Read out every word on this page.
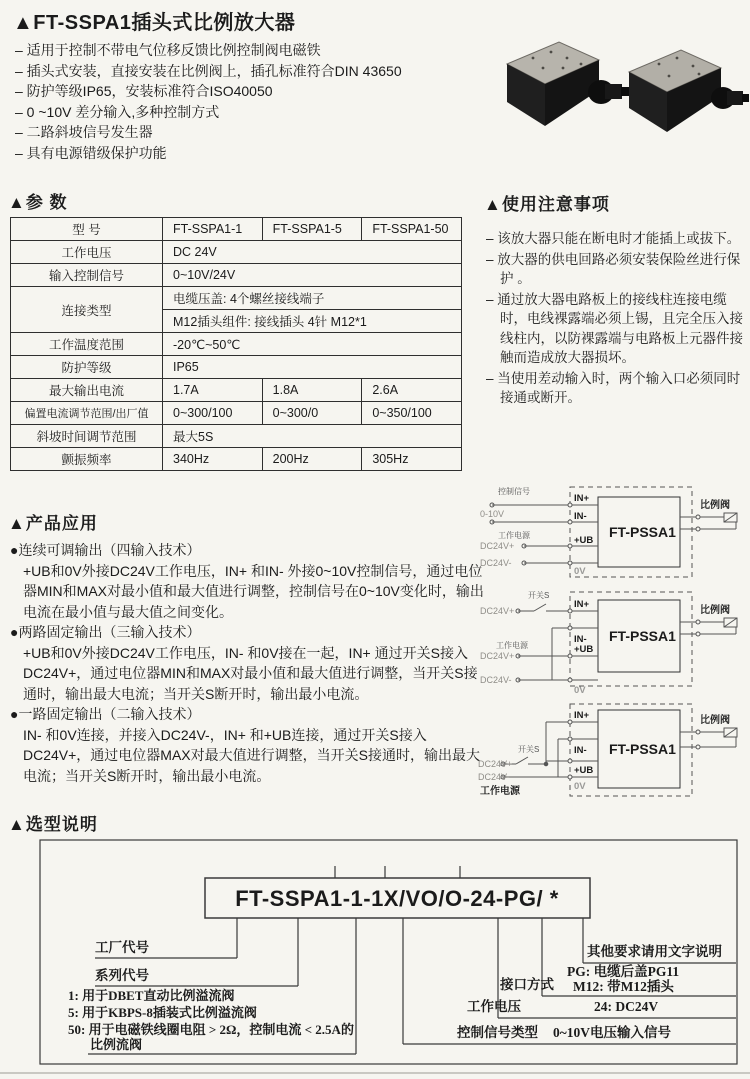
▲FT-SSPA1插头式比例放大器
– 适用于控制不带电气位移反馈比例控制阀电磁铁
– 插头式安装，直接安装在比例阀上，插孔标准符合DIN 43650
– 防护等级IP65，安装标准符合ISO40050
– 0 ~10V 差分输入,多种控制方式
– 二路斜坡信号发生器
– 具有电源错级保护功能
▲参 数
型 号	FT-SSPA1-1	FT-SSPA1-5	FT-SSPA1-50
工作电压	DC 24V		
输入控制信号	0~10V/24V		
连接类型	电缆压盖: 4个螺丝接线端子		
	M12插头组件: 接线插头 4针 M12*1		
工作温度范围	-20℃~50℃		
防护等级	IP65		
最大输出电流	1.7A	1.8A	2.6A
偏置电流调节范围/出厂值	0~300/100	0~300/0	0~350/100
斜坡时间调节范围	最大5S		
颤振频率	340Hz	200Hz	305Hz
▲使用注意事项
– 该放大器只能在断电时才能插上或拔下。
– 放大器的供电回路必须安装保险丝进行保护 。
– 通过放大器电路板上的接线柱连接电缆时，电线裸露端必须上锡，且完全压入接线柱内，以防裸露端与电路板上元器件接触而造成放大器损坏。
– 当使用差动输入时，两个输入口必须同时接通或断开。
▲产品应用
●连续可调输出（四输入技术）
+UB和0V外接DC24V工作电压，IN+ 和IN- 外接0~10V控制信号，通过电位器MIN和MAX对最小值和最大值进行调整，控制信号在0~10V变化时，输出电流在最小值与最大值之间变化。
●两路固定输出（三输入技术）
+UB和0V外接DC24V工作电压，IN- 和0V接在一起，IN+ 通过开关S接入DC24V+，通过电位器MIN和MAX对最小值和最大值进行调整，当开关S接通时，输出最大电流；当开关S断开时，输出最小电流。
●一路固定输出（二输入技术）
IN- 和0V连接，并接入DC24V-，IN+ 和+UB连接，通过开关S接入DC24V+，通过电位器MAX对最大值进行调整，当开关S接通时，输出最大电流；当开关S断开时，输出最小电流。
控制信号
0-10V
工作电源
DC24V+
DC24V-
IN+
IN-
+UB
0V
FT-PSSA1
比例阀
开关S
DC24V+
工作电源
DC24V+
DC24V-
IN+
IN-
+UB
0V
FT-PSSA1
比例阀
开关S
DC24V+
DC24V-
工作电源
IN+
IN-
+UB
0V
FT-PSSA1
比例阀
▲选型说明
FT-SSPA1-1-1X/VO/O-24-PG/ *
工厂代号
系列代号
1: 用于DBET直动比例溢流阀
5: 用于KBPS-8插装式比例溢流阀
50: 用于电磁铁线圈电阻 > 2Ω，控制电流 < 2.5A的
比例流阀
其他要求请用文字说明
接口方式
PG: 电缆后盖PG11
M12: 带M12插头
工作电压	24: DC24V
控制信号类型 0~10V电压输入信号
